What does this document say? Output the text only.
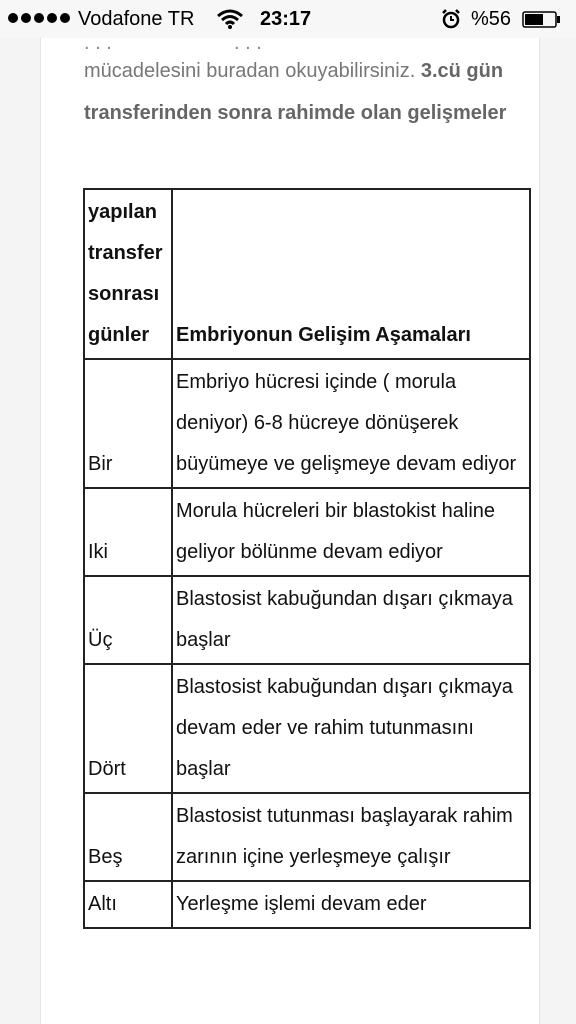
Vodafone TR	23:17	%56
. . .                      . . .
mücadelesini buradan okuyabilirsiniz. 3.cü gün transferinden sonra rahimde olan gelişmeler
yapılan transfer sonrası günler	Embriyonun Gelişim Aşamaları
Bir	Embriyo hücresi içinde ( morula deniyor) 6-8 hücreye dönüşerek büyümeye ve gelişmeye devam ediyor
Iki	Morula hücreleri bir blastokist haline geliyor bölünme devam ediyor
Üç	Blastosist kabuğundan dışarı çıkmaya başlar
Dört	Blastosist kabuğundan dışarı çıkmaya devam eder ve rahim tutunmasını başlar
Beş	Blastosist tutunması başlayarak rahim zarının içine yerleşmeye çalışır
Altı	Yerleşme işlemi devam eder
